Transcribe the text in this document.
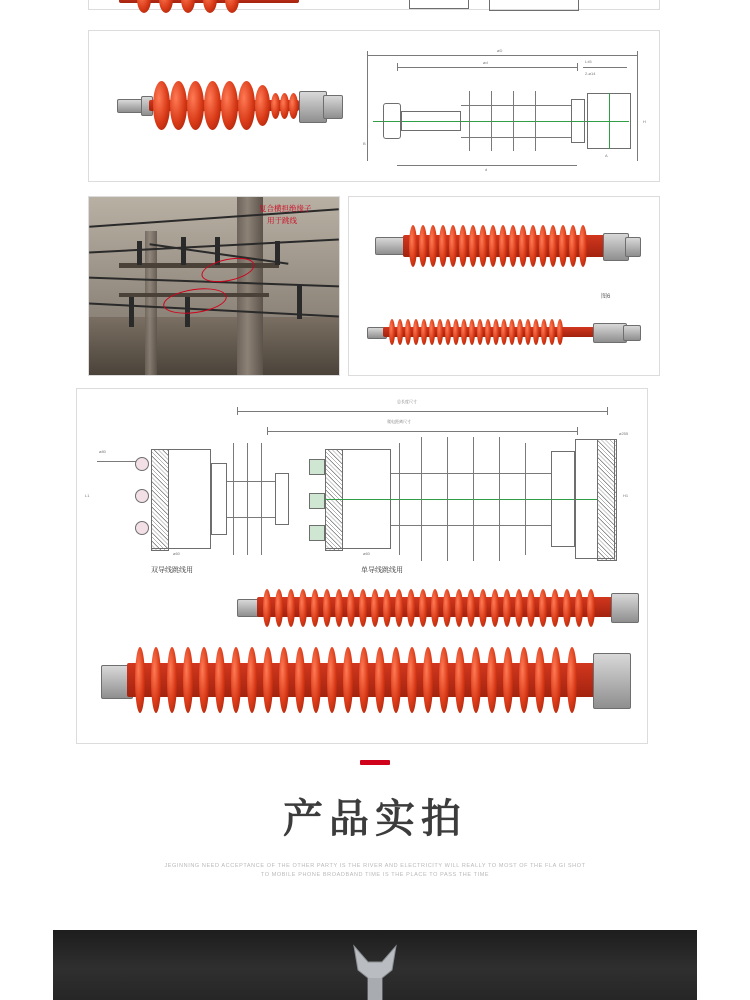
øD
ød	L±5
2-ø14
H
d
A
B
复合横担绝缘子
用于跳线
图6
总长度尺寸
爬电距离尺寸
ø80
L1
ø60
双导线跳线用
ø255
H1
ø60
单导线跳线用
产品实拍
JEGINNING NEED ACCEPTANCE OF THE OTHER PARTY IS THE RIVER AND ELECTRICITY WILL REALLY TO MOST OF THE FLA GI SHOT
TO MOBILE PHONE BROADBAND TIME IS THE PLACE TO PASS THE TIME
